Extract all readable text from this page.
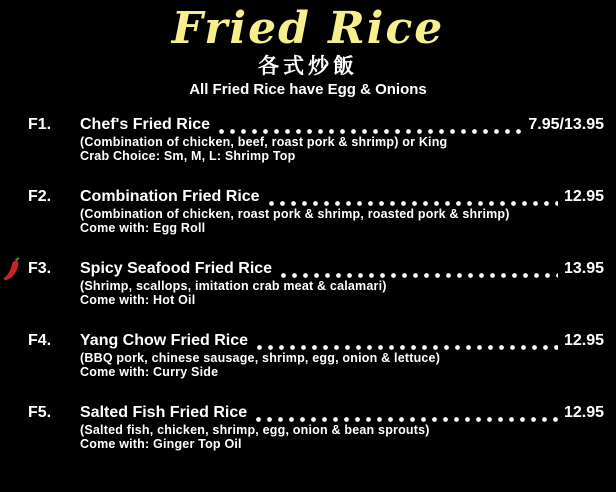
Fried Rice
各式炒飯
All Fried Rice have Egg & Onions
F1.	Chef's Fried Rice	7.95/13.95
(Combination of chicken, beef, roast pork & shrimp) or King
Crab Choice: Sm, M, L: Shrimp Top
F2.	Combination Fried Rice	12.95
(Combination of chicken, roast pork & shrimp, roasted pork & shrimp)
Come with: Egg Roll
F3.	Spicy Seafood Fried Rice	13.95
(Shrimp, scallops, imitation crab meat & calamari)
Come with: Hot Oil
F4.	Yang Chow Fried Rice	12.95
(BBQ pork, chinese sausage, shrimp, egg, onion & lettuce)
Come with: Curry Side
F5.	Salted Fish Fried Rice	12.95
(Salted fish, chicken, shrimp, egg, onion & bean sprouts)
Come with: Ginger Top Oil
